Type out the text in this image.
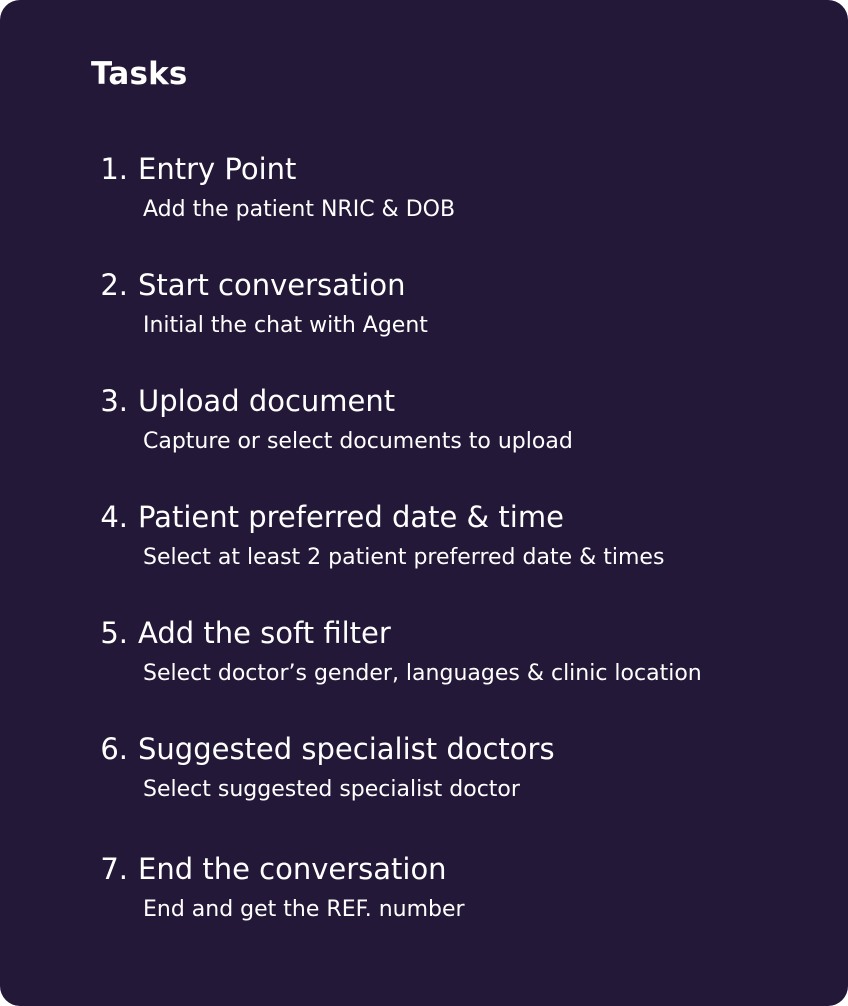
Tasks
1. Entry Point
Add the patient NRIC & DOB
2. Start conversation
Initial the chat with Agent
3. Upload document
Capture or select documents to upload
4. Patient preferred date & time
Select at least 2 patient preferred date & times
5. Add the soft filter
Select doctor’s gender, languages & clinic location
6. Suggested specialist doctors
Select suggested specialist doctor
7. End the conversation
End and get the REF. number
